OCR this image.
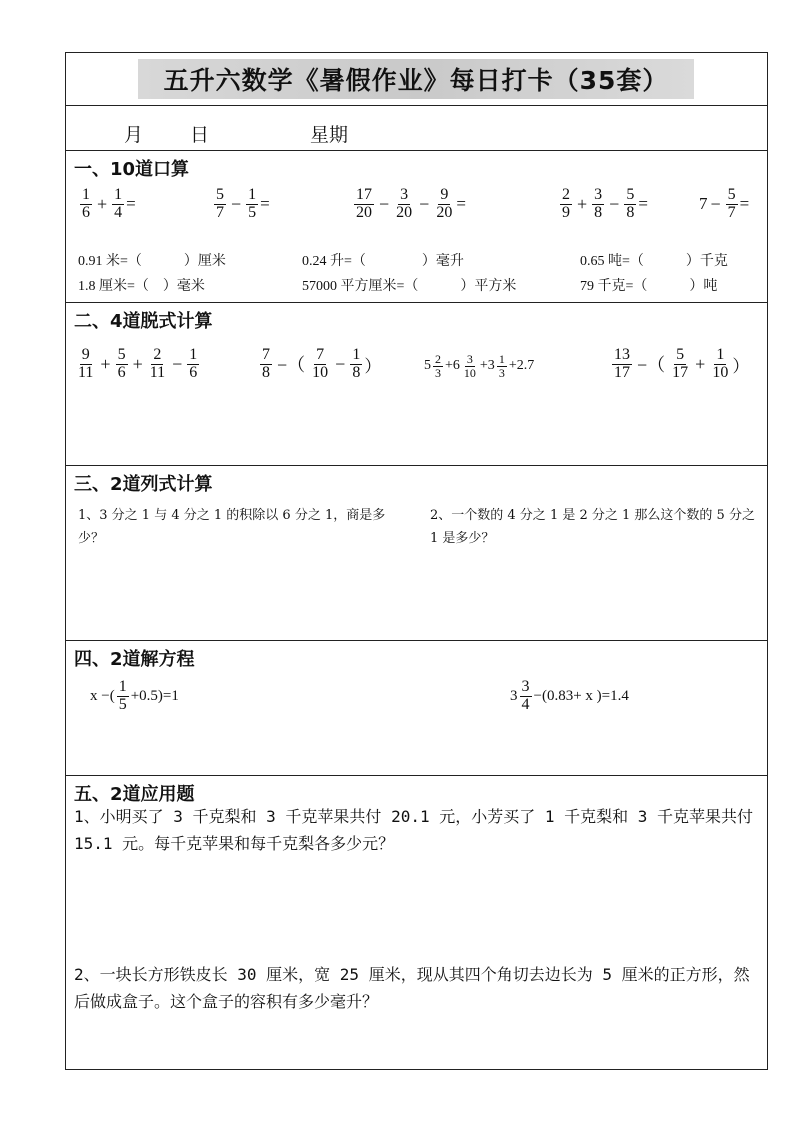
五升六数学《暑假作业》每日打卡（35套）
月 日	星期
一、10道口算
$\frac{1}{6} + \frac{1}{4}$ =	$\frac{5}{7} - \frac{1}{5}$ =	$\frac{17}{20} - \frac{3}{20} - \frac{9}{20}$ =	$\frac{2}{9} + \frac{3}{8} - \frac{5}{8}$ =	$7 - \frac{5}{7}$ =
0.91 米=（　　　）厘米	0.24 升=（　　　　）毫升	0.65 吨=（　　　）千克
1.8 厘米=（　）毫米	57000 平方厘米=（　　　）平方米	79 千克=（　　　）吨
二、4道脱式计算
$\frac{9}{11} + \frac{5}{6} + \frac{2}{11} - \frac{1}{6}$	$\frac{7}{8}$ −（ $\frac{7}{10} - \frac{1}{8}$ ）	$5 \frac{2}{3} +6 \frac{3}{10} +3 \frac{1}{3} +2.7$	$\frac{13}{17}$ −（ $\frac{5}{17} + \frac{1}{10}$ ）
三、2道列式计算
1、3 分之 1 与 4 分之 1 的积除以 6 分之 1，商是多少？
2、一个数的 4 分之 1 是 2 分之 1 那么这个数的 5 分之 1 是多少？
四、2道解方程
x −( $\frac{1}{5} +0.5)=1$	$3 \frac{3}{4} -(0.83+ x$ )=1.4
五、2道应用题
1、小明买了 3 千克梨和 3 千克苹果共付 20.1 元，小芳买了 1 千克梨和 3 千克苹果共付 15.1 元。每千克苹果和每千克梨各多少元？
2、一块长方形铁皮长 30 厘米，宽 25 厘米，现从其四个角切去边长为 5 厘米的正方形，然后做成盒子。这个盒子的容积有多少毫升？
